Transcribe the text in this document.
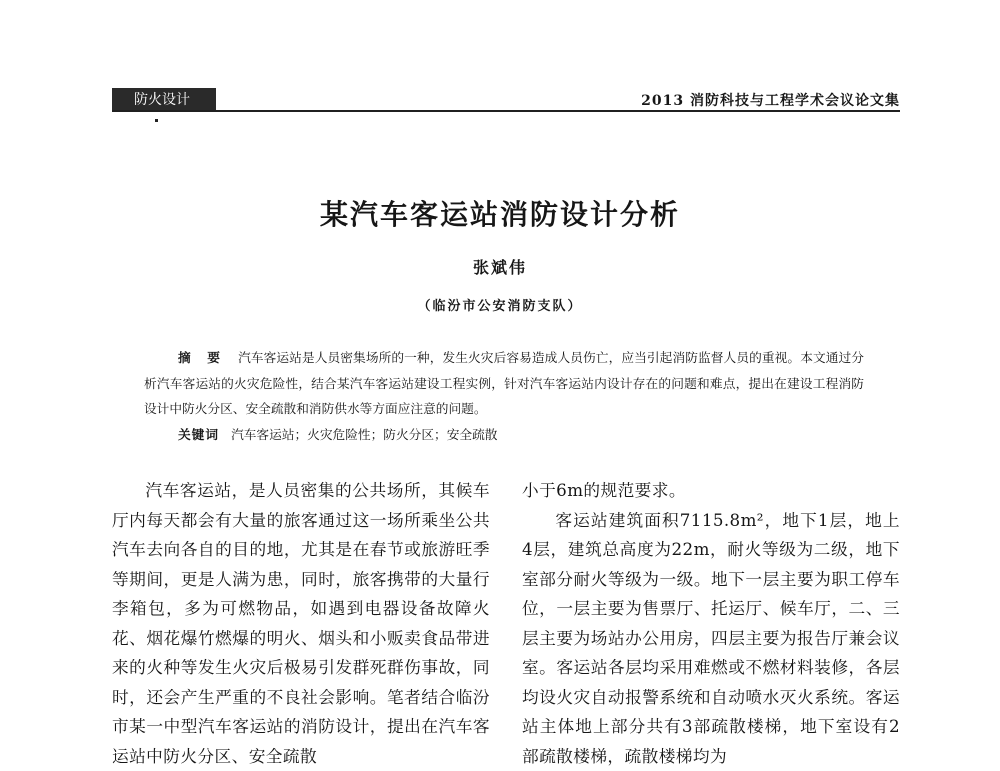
防火设计	2013 消防科技与工程学术会议论文集
某汽车客运站消防设计分析
张斌伟
（临汾市公安消防支队）
摘 要 汽车客运站是人员密集场所的一种，发生火灾后容易造成人员伤亡，应当引起消防监督人员的重视。本文通过分析汽车客运站的火灾危险性，结合某汽车客运站建设工程实例，针对汽车客运站内设计存在的问题和难点，提出在建设工程消防设计中防火分区、安全疏散和消防供水等方面应注意的问题。
关键词 汽车客运站；火灾危险性；防火分区；安全疏散

汽车客运站，是人员密集的公共场所，其候车厅内每天都会有大量的旅客通过这一场所乘坐公共汽车去向各自的目的地，尤其是在春节或旅游旺季等期间，更是人满为患，同时，旅客携带的大量行李箱包，多为可燃物品，如遇到电器设备故障火花、烟花爆竹燃爆的明火、烟头和小贩卖食品带进来的火种等发生火灾后极易引发群死群伤事故，同时，还会产生严重的不良社会影响。笔者结合临汾市某一中型汽车客运站的消防设计，提出在汽车客运站中防火分区、安全疏散

小于6m的规范要求。

客运站建筑面积7115.8m²，地下1层，地上4层，建筑总高度为22m，耐火等级为二级，地下室部分耐火等级为一级。地下一层主要为职工停车位，一层主要为售票厅、托运厅、候车厅，二、三层主要为场站办公用房，四层主要为报告厅兼会议室。客运站各层均采用难燃或不燃材料装修，各层均设火灾自动报警系统和自动喷水灭火系统。客运站主体地上部分共有3部疏散楼梯，地下室设有2部疏散楼梯，疏散楼梯均为
